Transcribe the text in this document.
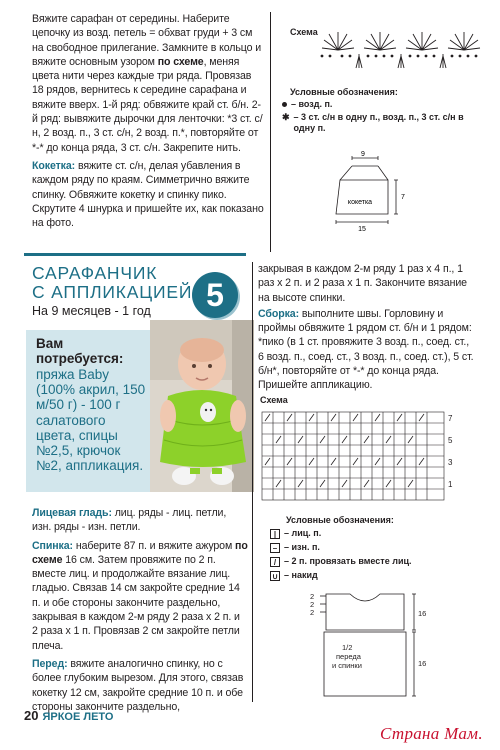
Вяжите сарафан от середины. Наберите цепочку из возд. петель = обхват груди + 3 см на свободное прилегание. Замкните в кольцо и вяжите основным узором по схеме, меняя цвета нити через каждые три ряда. Провязав 18 рядов, вернитесь к середине сарафана и вяжите вверх. 1-й ряд: обвяжите край ст. б/н. 2-й ряд: вывяжите дырочки для ленточки: *3 ст. с/н, 2 возд. п., 3 ст. с/н, 2 возд. п.*, повторяйте от *-* до конца ряда, 3 ст. с/н. Закрепите нить.

Кокетка: вяжите ст. с/н, делая убавления в каждом ряду по краям. Симметрично вяжите спинку. Обвяжите кокетку и спинку пико. Скрутите 4 шнурка и пришейте их, как показано на фото.

Схема
Условные обозначения:
– возд. п.
✱ – 3 ст. с/н в одну п., возд. п., 3 ст. с/н в одну п.
9
7
кокетка
15
САРАФАНЧИК
С АППЛИКАЦИЕЙ
На 9 месяцев - 1 год	5
Вам потребуется:
пряжа Baby (100% акрил, 150 м/50 г) - 100 г салатового цвета, спицы №2,5, крючок №2, аппликация.

Лицевая гладь: лиц. ряды - лиц. петли, изн. ряды - изн. петли.

Спинка: наберите 87 п. и вяжите ажуром по схеме 16 см. Затем провяжите по 2 п. вместе лиц. и продолжайте вязание лиц. гладью. Связав 14 см закройте средние 14 п. и обе стороны закончите раздельно, закрывая в каждом 2-м ряду 2 раза х 2 п. и 2 раза х 1 п. Провязав 2 см закройте петли плеча.

Перед: вяжите аналогично спинку, но с более глубоким вырезом. Для этого, связав кокетку 12 см, закройте средние 10 п. и обе стороны закончите раздельно,

закрывая в каждом 2-м ряду 1 раз х 4 п., 1 раз х 2 п. и 2 раза х 1 п. Закончите вязание на высоте спинки.

Сборка: выполните швы. Горловину и проймы обвяжите 1 рядом ст. б/н и 1 рядом: *пико (в 1 ст. провяжите 3 возд. п., соед. ст., 6 возд. п., соед. ст., 3 возд. п., соед. ст.), 5 ст. б/н*, повторяйте от *-* до конца ряда. Пришейте аппликацию.

Схема
7
5
3
1
Условные обозначения:
| – лиц. п.
– – изн. п.
/ – 2 п. провязать вместе лиц.
∪ – накид
2
2
2	16
16
1/2
переда
и спинки
20 ЯРКОЕ ЛЕТО
Страна Мам.
